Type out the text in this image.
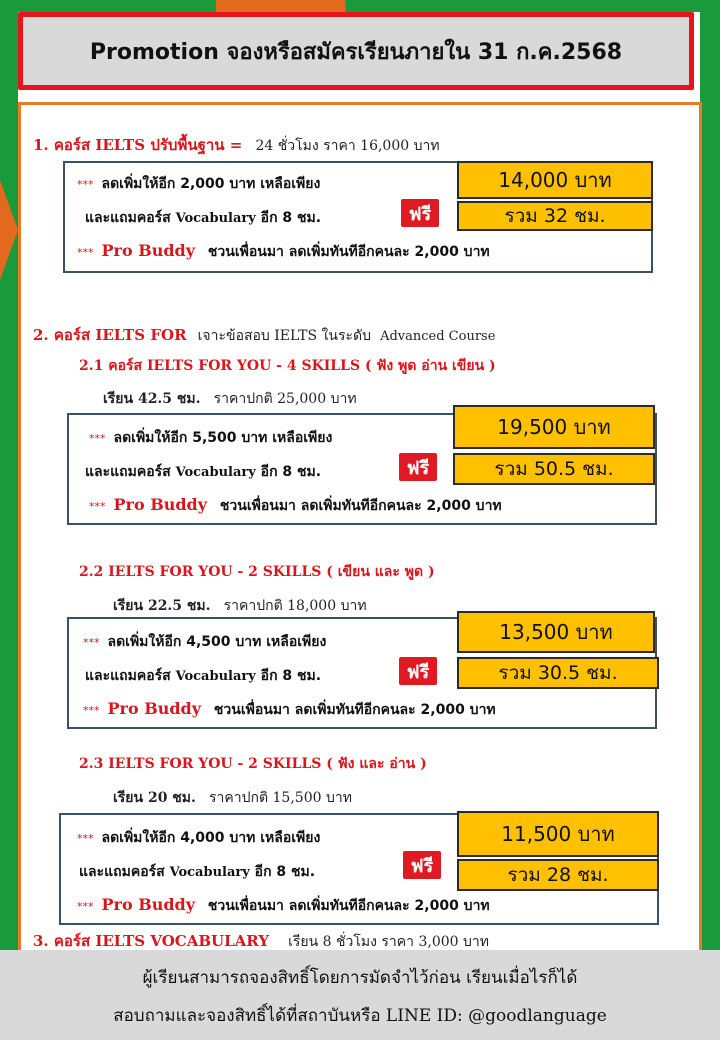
Promotion จองหรือสมัครเรียนภายใน 31 ก.ค.2568
1. คอร์ส IELTS ปรับพื้นฐาน = 24 ชั่วโมง ราคา 16,000 บาท
*** ลดเพิ่มให้อีก 2,000 บาท เหลือเพียง
และแถมคอร์ส Vocabulary อีก 8 ชม.
*** Pro Buddy ชวนเพื่อนมา ลดเพิ่มทันทีอีกคนละ 2,000 บาท
ฟรี
14,000 บาท
รวม 32 ชม.
2. คอร์ส IELTS FOR เจาะข้อสอบ IELTS ในระดับ Advanced Course
2.1 คอร์ส IELTS FOR YOU - 4 SKILLS ( ฟัง พูด อ่าน เขียน )
เรียน 42.5 ชม. ราคาปกติ 25,000 บาท
*** ลดเพิ่มให้อีก 5,500 บาท เหลือเพียง
และแถมคอร์ส Vocabulary อีก 8 ชม.
*** Pro Buddy ชวนเพื่อนมา ลดเพิ่มทันทีอีกคนละ 2,000 บาท
ฟรี
19,500 บาท
รวม 50.5 ชม.
2.2 IELTS FOR YOU - 2 SKILLS ( เขียน และ พูด )
เรียน 22.5 ชม. ราคาปกติ 18,000 บาท
*** ลดเพิ่มให้อีก 4,500 บาท เหลือเพียง
และแถมคอร์ส Vocabulary อีก 8 ชม.
*** Pro Buddy ชวนเพื่อนมา ลดเพิ่มทันทีอีกคนละ 2,000 บาท
ฟรี
13,500 บาท
รวม 30.5 ชม.
2.3 IELTS FOR YOU - 2 SKILLS ( ฟัง และ อ่าน )
เรียน 20 ชม. ราคาปกติ 15,500 บาท
*** ลดเพิ่มให้อีก 4,000 บาท เหลือเพียง
และแถมคอร์ส Vocabulary อีก 8 ชม.
*** Pro Buddy ชวนเพื่อนมา ลดเพิ่มทันทีอีกคนละ 2,000 บาท
ฟรี
11,500 บาท
รวม 28 ชม.
3. คอร์ส IELTS VOCABULARY เรียน 8 ชั่วโมง ราคา 3,000 บาท
ผู้เรียนสามารถจองสิทธิ์โดยการมัดจำไว้ก่อน เรียนเมื่อไรก็ได้
สอบถามและจองสิทธิ์ได้ที่สถาบันหรือ LINE ID: @goodlanguage
